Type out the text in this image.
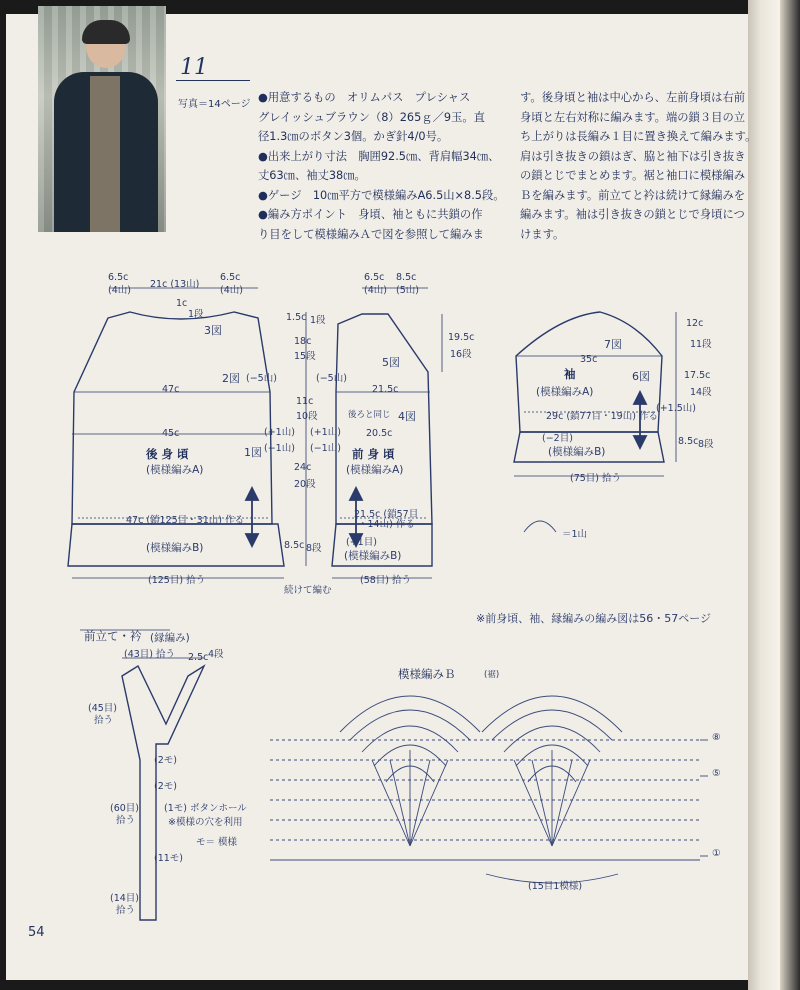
11
写真＝14ページ

●用意するもの　オリムパス　プレシャス
グレイッシュブラウン（8）265ｇ／9玉。直
径1.3㎝のボタン3個。かぎ針4/0号。
●出来上がり寸法　胸囲92.5㎝、背肩幅34㎝、
丈63㎝、袖丈38㎝。
●ゲージ　10㎝平方で模様編みA6.5山×8.5段。
●編み方ポイント　身頃、袖ともに共鎖の作
り目をして模様編みＡで図を参照して編みま

す。後身頃と袖は中心から、左前身頃は右前
身頃と左右対称に編みます。端の鎖３目の立
ち上がりは長編み１目に置き換えて編みます。
肩は引き抜きの鎖はぎ、脇と袖下は引き抜き
の鎖とじでまとめます。裾と袖口に模様編み
Ｂを編みます。前立てと衿は続けて縁編みを
編みます。袖は引き抜きの鎖とじで身頃につ
けます。

6.5c
(4山)
21c (13山)
6.5c
(4山)
1c
1段
3図
2図 (−5山)
47c
45c	(+1山)
(−1山)
1図
後 身 頃
(模様編みA)
47c (鎖125目・31山) 作る
(模様編みB)
(125目) 拾う
1.5c 1段
18c
15段
11c
10段
24c
20段
8.5c 8段
続けて編む
6.5c
(4山)
8.5c
(5山)
19.5c
16段
5図
(−5山)
21.5c
後ろと同じ 4図
(+1山)
(−1山)
20.5c
前 身 頃
(模様編みA)
21.5c (鎖57目
・14山) 作る
(+1目)
(模様編みB)
(58目) 拾う
7図
35c
袖	6図
(模様編みA)
(+1.5山)
29c (鎖77目・19山) 作る
(−2目)
(模様編みB)
(75目) 拾う
12c
11段
17.5c
14段
8.5c 8段
＝1山
※前身頃、袖、縁編みの編み図は56・57ページ
前立て・衿 (縁編み)
(43目) 拾う 2.5c 4段
(45目)
拾う
(2モ)
(2モ)
(60目)
拾う
(1モ) ボタンホール
※模様の穴を利用
モ＝ 模様
(11モ)
(14目)
拾う
模様編みＢ	(裾)
(15目1模様)
⑧
⑤
①
54
